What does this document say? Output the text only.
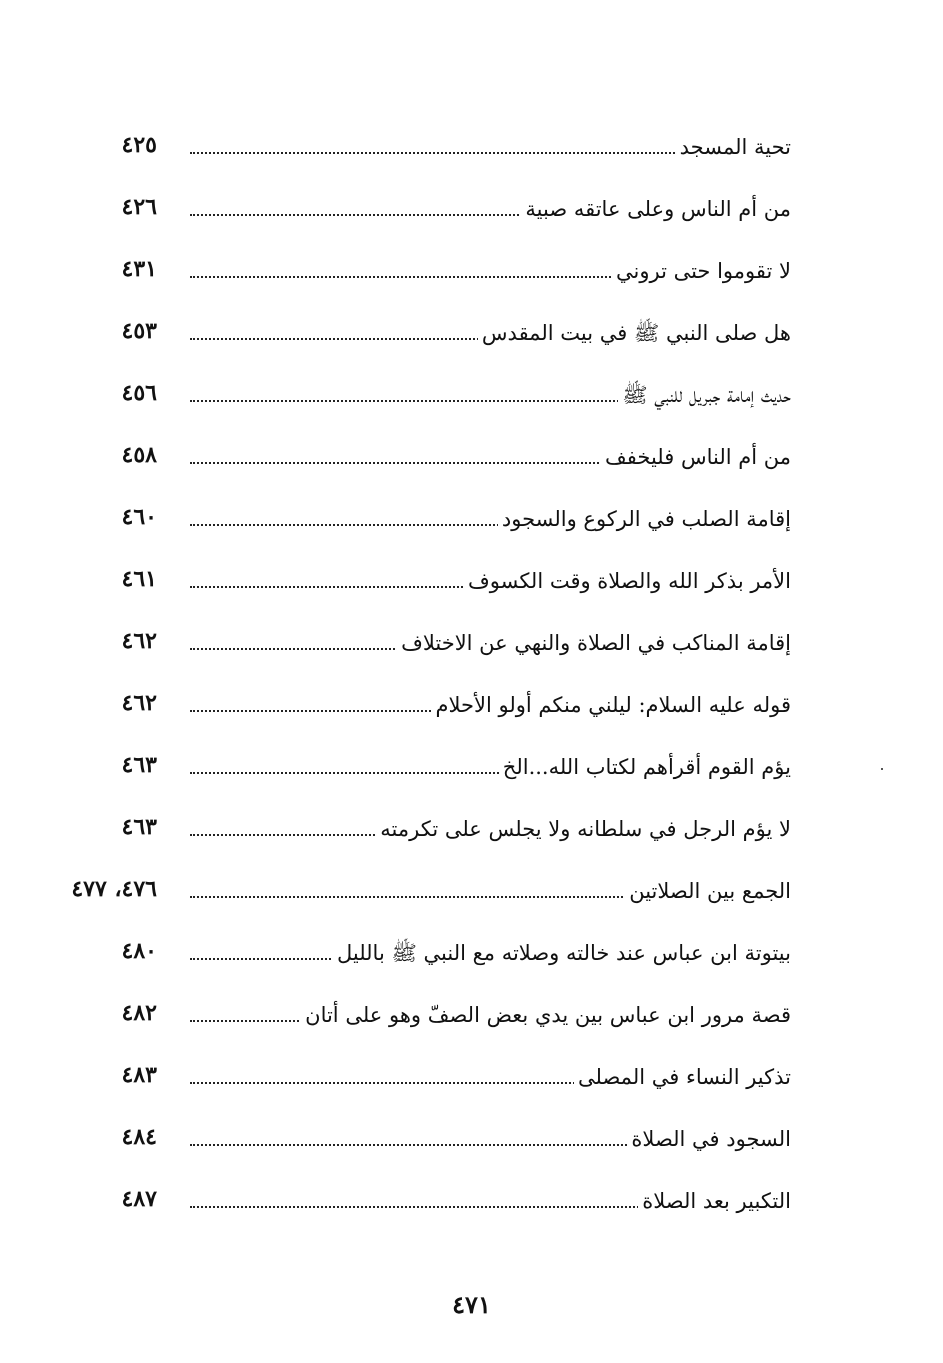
تحية المسجد
٤٢٥
من أم الناس وعلى عاتقه صبية
٤٢٦
لا تقوموا حتى تروني
٤٣١
هل صلى النبي ﷺ في بيت المقدس
٤٥٣
حديث إمامة جبريل للنبي ﷺ
٤٥٦
من أم الناس فليخفف
٤٥٨
إقامة الصلب في الركوع والسجود
٤٦٠
الأمر بذكر الله والصلاة وقت الكسوف
٤٦١
إقامة المناكب في الصلاة والنهي عن الاختلاف
٤٦٢
قوله عليه السلام: ليلني منكم أولو الأحلام
٤٦٢
يؤم القوم أقرأهم لكتاب الله...الخ
٤٦٣
لا يؤم الرجل في سلطانه ولا يجلس على تكرمته
٤٦٣
الجمع بين الصلاتين
٤٧٦، ٤٧٧
بيتوتة ابن عباس عند خالته وصلاته مع النبي ﷺ بالليل
٤٨٠
قصة مرور ابن عباس بين يدي بعض الصفّ وهو على أتان
٤٨٢
تذكير النساء في المصلى
٤٨٣
السجود في الصلاة
٤٨٤
التكبير بعد الصلاة
٤٨٧
٤٧١
